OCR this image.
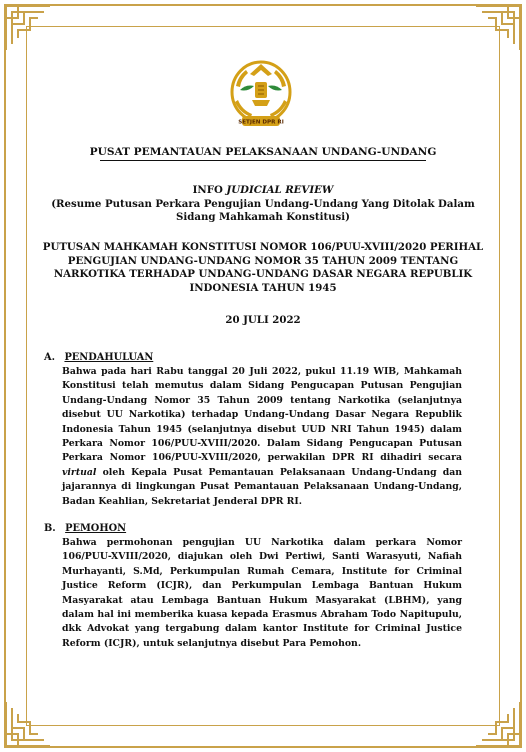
SETJEN DPR RI
PUSAT PEMANTAUAN PELAKSANAAN UNDANG-UNDANG
INFO JUDICIAL REVIEW
(Resume Putusan Perkara Pengujian Undang-Undang Yang Ditolak Dalam
Sidang Mahkamah Konstitusi)
PUTUSAN MAHKAMAH KONSTITUSI NOMOR 106/PUU-XVIII/2020 PERIHAL
PENGUJIAN UNDANG-UNDANG NOMOR 35 TAHUN 2009 TENTANG
NARKOTIKA TERHADAP UNDANG-UNDANG DASAR NEGARA REPUBLIK
INDONESIA TAHUN 1945
20 JULI 2022
A. PENDAHULUAN

Bahwa pada hari Rabu tanggal 20 Juli 2022, pukul 11.19 WIB, Mahkamah Konstitusi telah memutus dalam Sidang Pengucapan Putusan Pengujian Undang-Undang Nomor 35 Tahun 2009 tentang Narkotika (selanjutnya disebut UU Narkotika) terhadap Undang-Undang Dasar Negara Republik Indonesia Tahun 1945 (selanjutnya disebut UUD NRI Tahun 1945) dalam Perkara Nomor 106/PUU-XVIII/2020. Dalam Sidang Pengucapan Putusan Perkara Nomor 106/PUU-XVIII/2020, perwakilan DPR RI dihadiri secara virtual oleh Kepala Pusat Pemantauan Pelaksanaan Undang-Undang dan jajarannya di lingkungan Pusat Pemantauan Pelaksanaan Undang-Undang, Badan Keahlian, Sekretariat Jenderal DPR RI.

B. PEMOHON

Bahwa permohonan pengujian UU Narkotika dalam perkara Nomor 106/PUU-XVIII/2020, diajukan oleh Dwi Pertiwi, Santi Warasyuti, Nafiah Murhayanti, S.Md, Perkumpulan Rumah Cemara, Institute for Criminal Justice Reform (ICJR), dan Perkumpulan Lembaga Bantuan Hukum Masyarakat atau Lembaga Bantuan Hukum Masyarakat (LBHM), yang dalam hal ini memberika kuasa kepada Erasmus Abraham Todo Napitupulu, dkk Advokat yang tergabung dalam kantor Institute for Criminal Justice Reform (ICJR), untuk selanjutnya disebut Para Pemohon.
